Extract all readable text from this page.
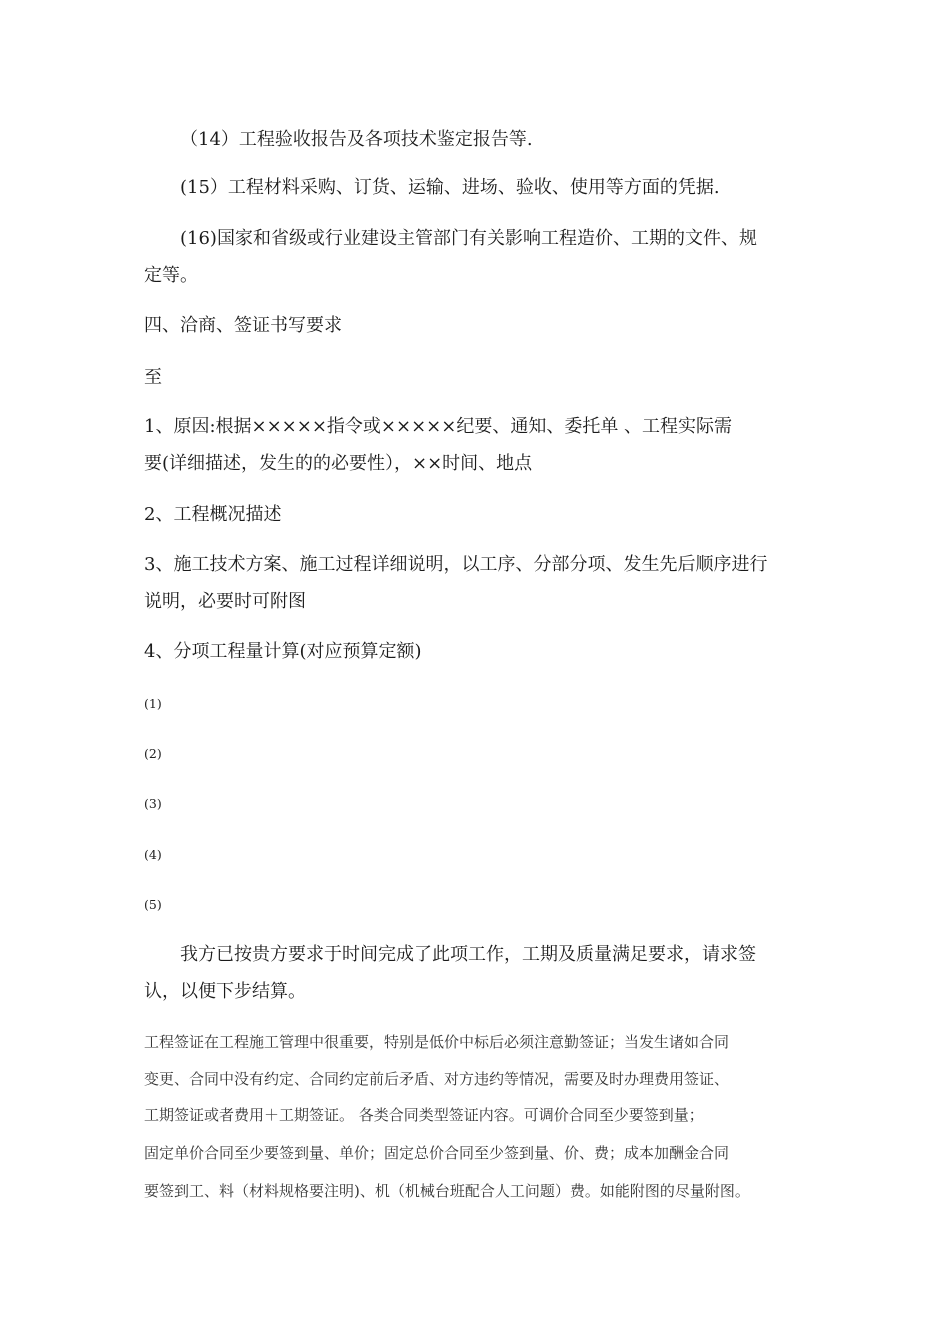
（14）工程验收报告及各项技术鉴定报告等.
(15）工程材料采购、订货、运输、进场、验收、使用等方面的凭据.
(16)国家和省级或行业建设主管部门有关影响工程造价、工期的文件、规
定等。
四、洽商、签证书写要求
至
1、原因:根据×××××指令或×××××纪要、通知、委托单 、工程实际需
要(详细描述，发生的的必要性），××时间、地点
2、工程概况描述
3、施工技术方案、施工过程详细说明，以工序、分部分项、发生先后顺序进行
说明，必要时可附图
4、分项工程量计算(对应预算定额)
(1)
(2)
(3)
(4)
(5)
我方已按贵方要求于时间完成了此项工作，工期及质量满足要求，请求签
认，以便下步结算。
工程签证在工程施工管理中很重要，特别是低价中标后必须注意勤签证；当发生诸如合同
变更、合同中没有约定、合同约定前后矛盾、对方违约等情况，需要及时办理费用签证、
工期签证或者费用＋工期签证。 各类合同类型签证内容。可调价合同至少要签到量；
固定单价合同至少要签到量、单价；固定总价合同至少签到量、价、费；成本加酬金合同
要签到工、料（材料规格要注明)、机（机械台班配合人工问题）费。如能附图的尽量附图。
